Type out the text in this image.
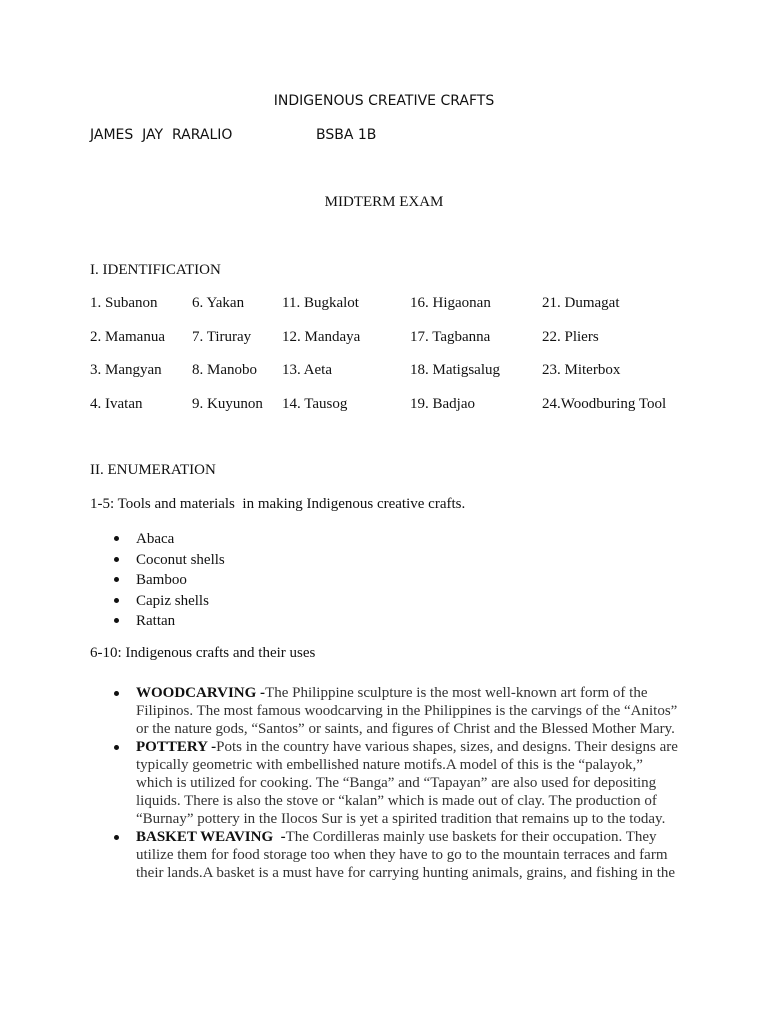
INDIGENOUS CREATIVE CRAFTS
JAMES  JAY  RARALIO	BSBA 1B
MIDTERM EXAM
I. IDENTIFICATION
1. Subanon
2. Mamanua
3. Mangyan
4. Ivatan
6. Yakan
7. Tiruray
8. Manobo
9. Kuyunon
11. Bugkalot
12. Mandaya
13. Aeta
14. Tausog
16. Higaonan
17. Tagbanna
18. Matigsalug
19. Badjao
21. Dumagat
22. Pliers
23. Miterbox
24.Woodburing Tool
II. ENUMERATION
1-5: Tools and materials  in making Indigenous creative crafts.
Abaca
Coconut shells
Bamboo
Capiz shells
Rattan
6-10: Indigenous crafts and their uses
WOODCARVING -The Philippine sculpture is the most well-known art form of the Filipinos. The most famous woodcarving in the Philippines is the carvings of the “Anitos” or the nature gods, “Santos” or saints, and figures of Christ and the Blessed Mother Mary.
POTTERY -Pots in the country have various shapes, sizes, and designs. Their designs are typically geometric with embellished nature motifs.A model of this is the “palayok,” which is utilized for cooking. The “Banga” and “Tapayan” are also used for depositing liquids. There is also the stove or “kalan” which is made out of clay. The production of “Burnay” pottery in the Ilocos Sur is yet a spirited tradition that remains up to the today.
BASKET WEAVING  -The Cordilleras mainly use baskets for their occupation. They utilize them for food storage too when they have to go to the mountain terraces and farm their lands.A basket is a must have for carrying hunting animals, grains, and fishing in the
